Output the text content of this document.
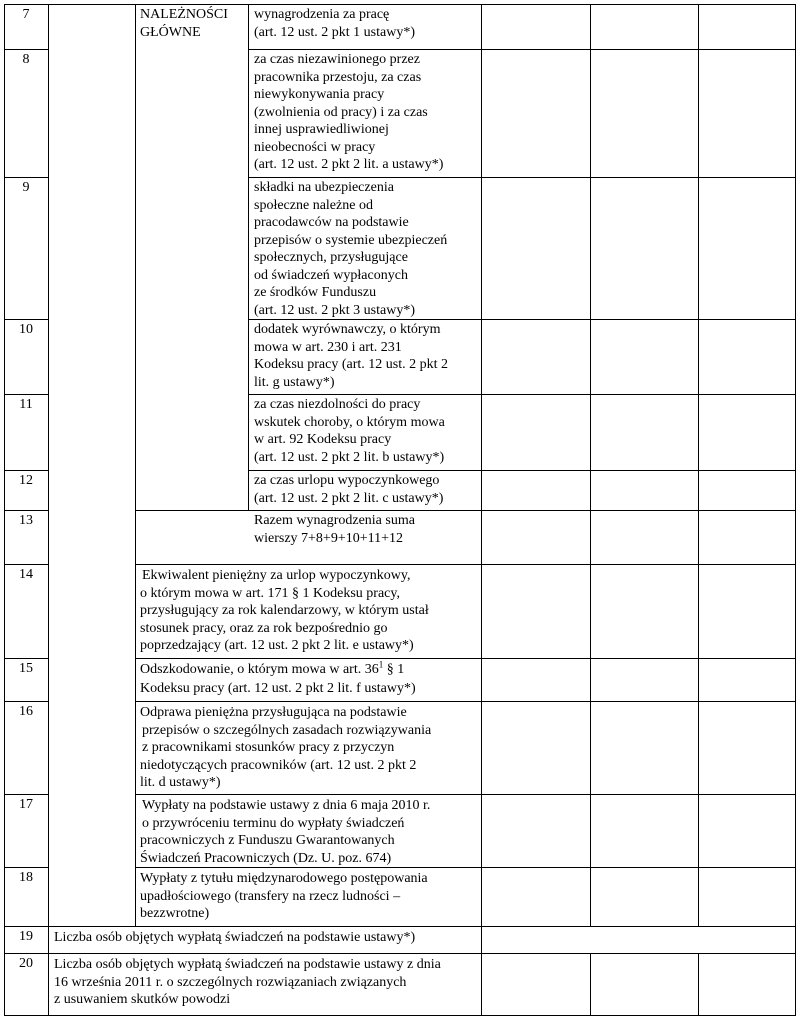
7
8
9
10
11
12
13
14
15
16
17
18
19
20
NALEŻNOŚCI GŁÓWNE
wynagrodzenia za pracę
(art. 12 ust. 2 pkt 1 ustawy*)
za czas niezawinionego przez
pracownika przestoju, za czas
niewykonywania pracy
(zwolnienia od pracy) i za czas
innej usprawiedliwionej
nieobecności w pracy
(art. 12 ust. 2 pkt 2 lit. a ustawy*)
składki na ubezpieczenia
społeczne należne od
pracodawców na podstawie
przepisów o systemie ubezpieczeń
społecznych, przysługujące
od świadczeń wypłaconych
ze środków Funduszu
(art. 12 ust. 2 pkt 3 ustawy*)
dodatek wyrównawczy, o którym
mowa w art. 230 i art. 231
Kodeksu pracy (art. 12 ust. 2 pkt 2
lit. g ustawy*)
za czas niezdolności do pracy
wskutek choroby, o którym mowa
w art. 92 Kodeksu pracy
(art. 12 ust. 2 pkt 2 lit. b ustawy*)
za czas urlopu wypoczynkowego
(art. 12 ust. 2 pkt 2 lit. c ustawy*)
Razem wynagrodzenia suma
wierszy 7+8+9+10+11+12
Ekwiwalent pieniężny za urlop wypoczynkowy,
o którym mowa w art. 171 § 1 Kodeksu pracy,
przysługujący za rok kalendarzowy, w którym ustał
stosunek pracy, oraz za rok bezpośrednio go
poprzedzający (art. 12 ust. 2 pkt 2 lit. e ustawy*)
Odszkodowanie, o którym mowa w art. $36^1$ § 1
Kodeksu pracy (art. 12 ust. 2 pkt 2 lit. f ustawy*)
Odprawa pieniężna przysługująca na podstawie
przepisów o szczególnych zasadach rozwiązywania
z pracownikami stosunków pracy z przyczyn
niedotyczących pracowników (art. 12 ust. 2 pkt 2
lit. d ustawy*)
Wypłaty na podstawie ustawy z dnia 6 maja 2010 r.
o przywróceniu terminu do wypłaty świadczeń
pracowniczych z Funduszu Gwarantowanych
Świadczeń Pracowniczych (Dz. U. poz. 674)
Wypłaty z tytułu międzynarodowego postępowania
upadłościowego (transfery na rzecz ludności –
bezzwrotne)
Liczba osób objętych wypłatą świadczeń na podstawie ustawy*)
Liczba osób objętych wypłatą świadczeń na podstawie ustawy z dnia
16 września 2011 r. o szczególnych rozwiązaniach związanych
z usuwaniem skutków powodzi
